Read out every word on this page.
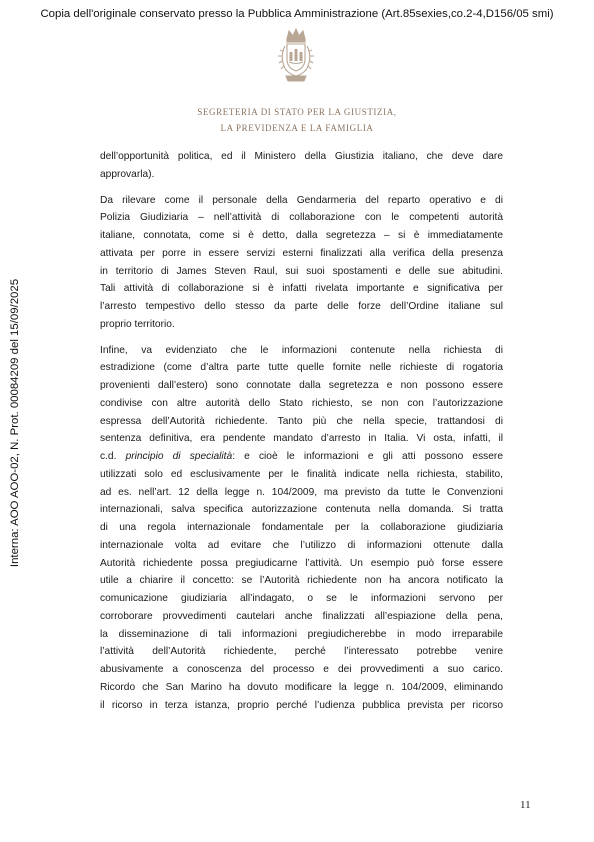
Copia dell'originale conservato presso la Pubblica Amministrazione (Art.85sexies,co.2-4,D156/05 smi)
Interna: AOO AOO-02, N. Prot. 0008420​9 del 15/09/2025
SEGRETERIA DI STATO PER LA GIUSTIZIA,
LA PREVIDENZA E LA FAMIGLIA

dell’opportunità politica, ed il Ministero della Giustizia italiano, che deve dare
approvarla).

Da rilevare come il personale della Gendarmeria del reparto operativo e di
Polizia Giudiziaria – nell’attività di collaborazione con le competenti autorità
italiane, connotata, come si è detto, dalla segretezza – si è immediatamente
attivata per porre in essere servizi esterni finalizzati alla verifica della presenza
in territorio di James Steven Raul, sui suoi spostamenti e delle sue abitudini.
Tali attività di collaborazione si è infatti rivelata importante e significativa per
l’arresto tempestivo dello stesso da parte delle forze dell’Ordine italiane sul
proprio territorio.

Infine, va evidenziato che le informazioni contenute nella richiesta di
estradizione (come d’altra parte tutte quelle fornite nelle richieste di rogatoria
provenienti dall’estero) sono connotate dalla segretezza e non possono essere
condivise con altre autorità dello Stato richiesto, se non con l’autorizzazione
espressa dell’Autorità richiedente. Tanto più che nella specie, trattandosi di
sentenza definitiva, era pendente mandato d’arresto in Italia. Vi osta, infatti, il
c.d. principio di specialità: e cioè le informazioni e gli atti possono essere
utilizzati solo ed esclusivamente per le finalità indicate nella richiesta, stabilito,
ad es. nell’art. 12 della legge n. 104/2009, ma previsto da tutte le Convenzioni
internazionali, salva specifica autorizzazione contenuta nella domanda. Si tratta
di una regola internazionale fondamentale per la collaborazione giudiziaria
internazionale volta ad evitare che l’utilizzo di informazioni ottenute dalla
Autorità richiedente possa pregiudicarne l’attività. Un esempio può forse essere
utile a chiarire il concetto: se l’Autorità richiedente non ha ancora notificato la
comunicazione giudiziaria all’indagato, o se le informazioni servono per
corroborare provvedimenti cautelari anche finalizzati all’espiazione della pena,
la disseminazione di tali informazioni pregiudicherebbe in modo irreparabile
l’attività dell’Autorità richiedente, perché l’interessato potrebbe venire
abusivamente a conoscenza del processo e dei provvedimenti a suo carico.
Ricordo che San Marino ha dovuto modificare la legge n. 104/2009, eliminando
il ricorso in terza istanza, proprio perché l’udienza pubblica prevista per ricorso

11
